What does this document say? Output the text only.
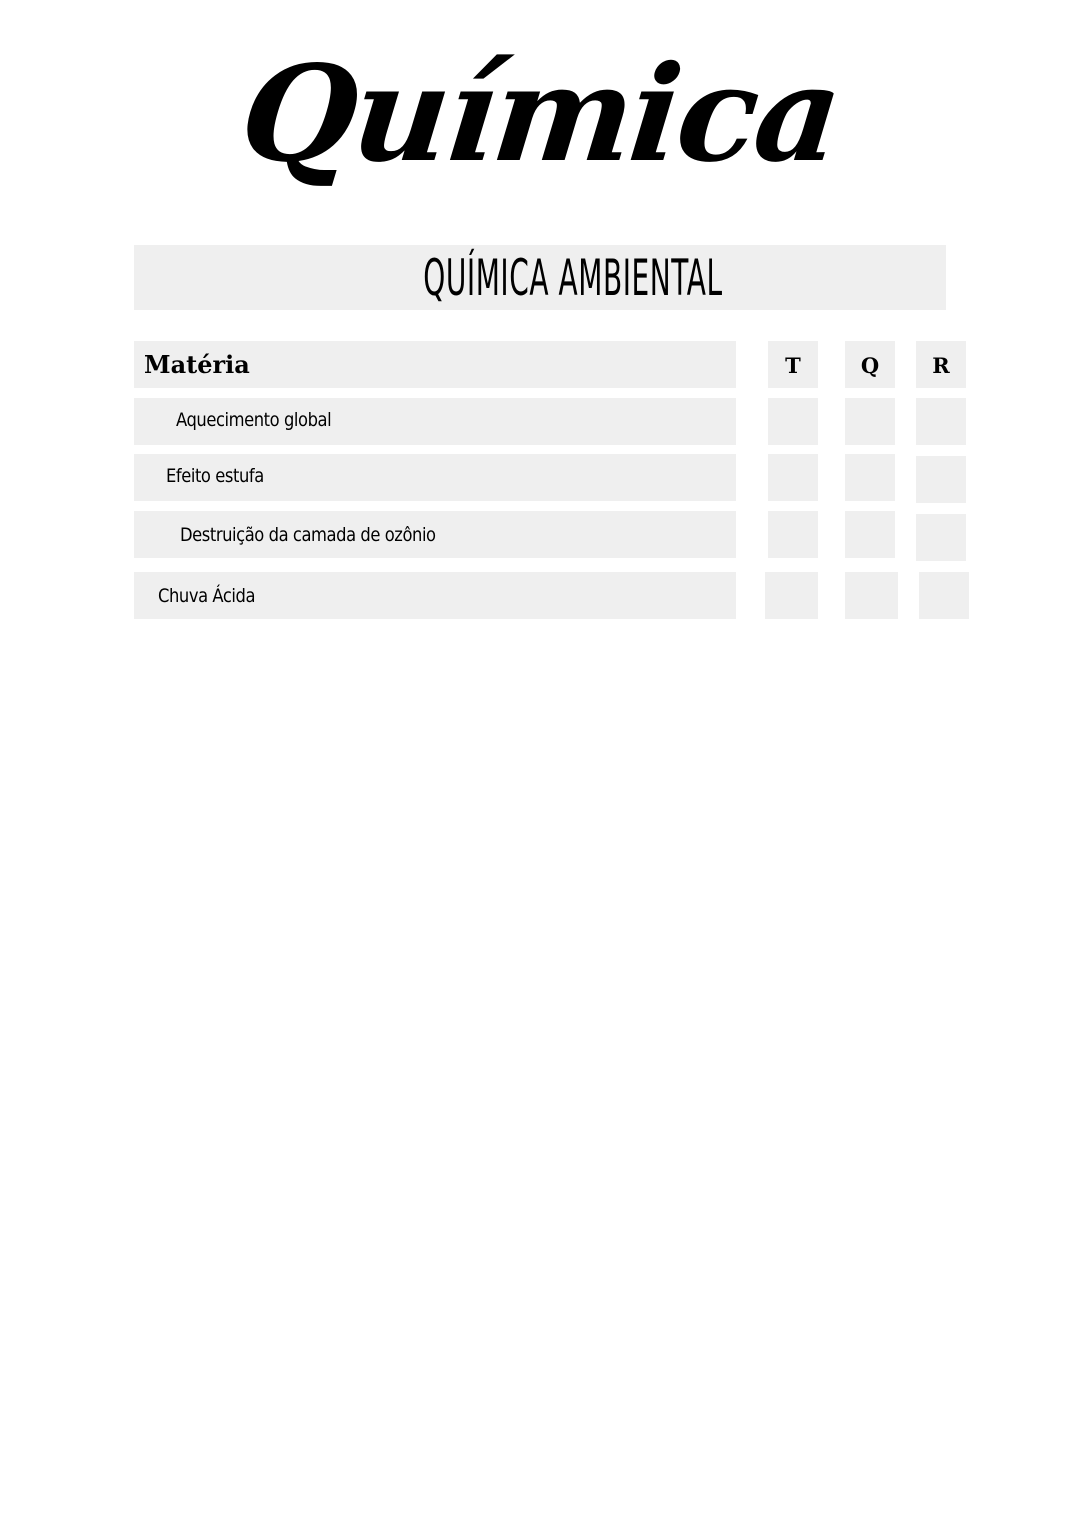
Química
QUÍMICA AMBIENTAL
Matéria	T	Q	R
Aquecimento global
Efeito estufa
Destruição da camada de ozônio
Chuva Ácida
